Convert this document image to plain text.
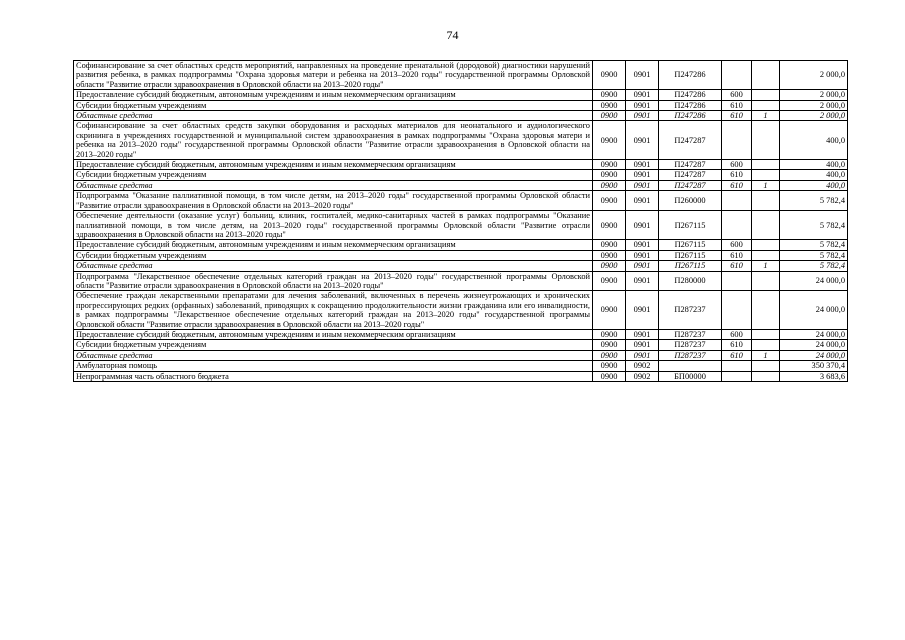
74
Софинансирование за счет областных средств мероприятий, направленных на проведение пренатальной (дородовой) диагностики нарушений развития ребенка, в рамках подпрограммы "Охрана здоровья матери и ребенка на 2013–2020 годы" государственной программы Орловской области "Развитие отрасли здравоохранения в Орловской области на 2013–2020 годы"	0900	0901	П247286			2 000,0
Предоставление субсидий бюджетным, автономным учреждениям и иным некоммерческим организациям	0900	0901	П247286	600		2 000,0
Субсидии бюджетным учреждениям	0900	0901	П247286	610		2 000,0
Областные средства	0900	0901	П247286	610	1	2 000,0
Софинансирование за счет областных средств закупки оборудования и расходных материалов для неонатального и аудиологического скрининга в учреждениях государственной и муниципальной систем здравоохранения в рамках подпрограммы "Охрана здоровья матери и ребенка на 2013–2020 годы" государственной программы Орловской области "Развитие отрасли здравоохранения в Орловской области на 2013–2020 годы"	0900	0901	П247287			400,0
Предоставление субсидий бюджетным, автономным учреждениям и иным некоммерческим организациям	0900	0901	П247287	600		400,0
Субсидии бюджетным учреждениям	0900	0901	П247287	610		400,0
Областные средства	0900	0901	П247287	610	1	400,0
Подпрограмма "Оказание паллиативной помощи, в том числе детям, на 2013–2020 годы" государственной программы Орловской области "Развитие отрасли здравоохранения в Орловской области на 2013–2020 годы"	0900	0901	П260000			5 782,4
Обеспечение деятельности (оказание услуг) больниц, клиник, госпиталей, медико-санитарных частей в рамках подпрограммы "Оказание паллиативной помощи, в том числе детям, на 2013–2020 годы" государственной программы Орловской области "Развитие отрасли здравоохранения в Орловской области на 2013–2020 годы"	0900	0901	П267115			5 782,4
Предоставление субсидий бюджетным, автономным учреждениям и иным некоммерческим организациям	0900	0901	П267115	600		5 782,4
Субсидии бюджетным учреждениям	0900	0901	П267115	610		5 782,4
Областные средства	0900	0901	П267115	610	1	5 782,4
Подпрограмма "Лекарственное обеспечение отдельных категорий граждан на 2013–2020 годы" государственной программы Орловской области "Развитие отрасли здравоохранения в Орловской области на 2013–2020 годы"	0900	0901	П280000			24 000,0
Обеспечение граждан лекарственными препаратами для лечения заболеваний, включенных в перечень жизнеугрожающих и хронических прогрессирующих редких (орфанных) заболеваний, приводящих к сокращению продолжительности жизни гражданина или его инвалидности, в рамках подпрограммы "Лекарственное обеспечение отдельных категорий граждан на 2013–2020 годы" государственной программы Орловской области "Развитие отрасли здравоохранения в Орловской области на 2013–2020 годы"	0900	0901	П287237			24 000,0
Предоставление субсидий бюджетным, автономным учреждениям и иным некоммерческим организациям	0900	0901	П287237	600		24 000,0
Субсидии бюджетным учреждениям	0900	0901	П287237	610		24 000,0
Областные средства	0900	0901	П287237	610	1	24 000,0
Амбулаторная помощь	0900	0902				350 370,4
Непрограммная часть областного бюджета	0900	0902	БП00000			3 683,6
